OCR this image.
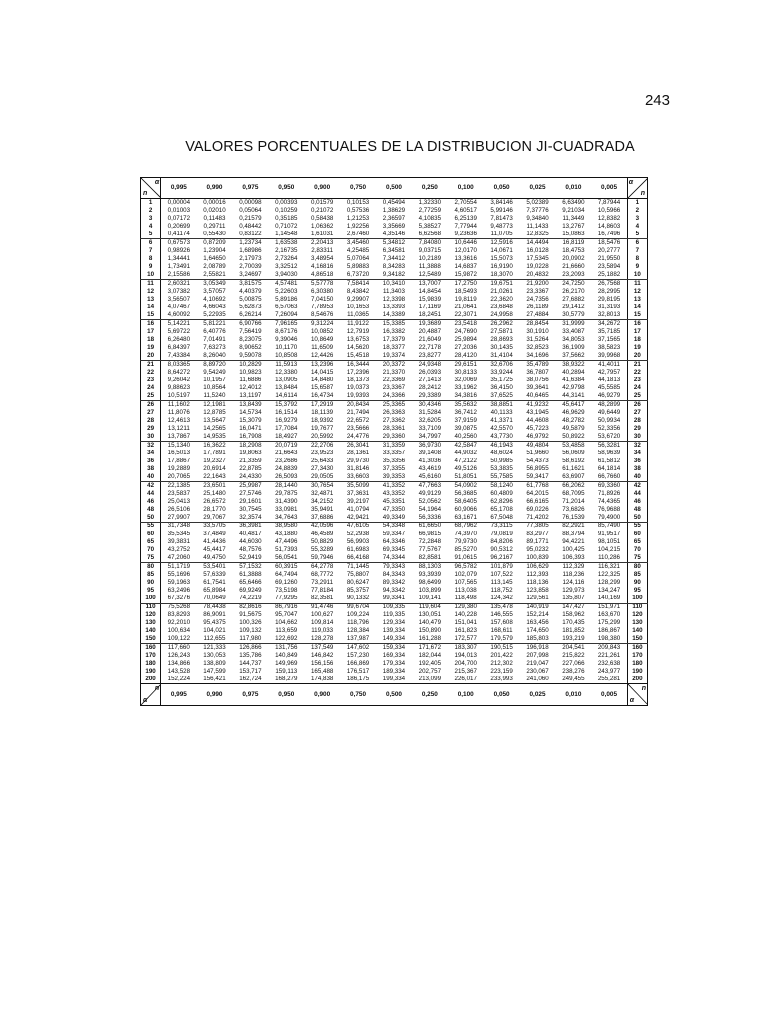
243
VALORES PORCENTUALES DE LA DISTRIBUCION JI-CUADRADA
α
n	0,995	0,990	0,975	0,950	0,900	0,750	0,500	0,250	0,100	0,050	0,025	0,010	0,005	α
n

1	0,00004	0,00016	0,00098	0,00393	0,01579	0,10153	0,45494	1,32330	2,70554	3,84146	5,02389	6,63490	7,87944	1
2	0,01003	0,02010	0,05064	0,10259	0,21072	0,57536	1,38629	2,77259	4,60517	5,99146	7,37776	9,21034	10,5966	2
3	0,07172	0,11483	0,21579	0,35185	0,58438	1,21253	2,36597	4,10835	6,25139	7,81473	9,34840	11,3449	12,8382	3
4	0,20699	0,29711	0,48442	0,71072	1,06362	1,92256	3,35669	5,38527	7,77944	9,48773	11,1433	13,2767	14,8603	4
5	0,41174	0,55430	0,83122	1,14548	1,61031	2,67460	4,35146	6,62568	9,23636	11,0705	12,8325	15,0863	16,7496	5
6	0,67573	0,87209	1,23734	1,63538	2,20413	3,45460	5,34812	7,84080	10,6446	12,5916	14,4494	16,8119	18,5476	6
7	0,98926	1,23904	1,68986	2,16735	2,83311	4,25485	6,34581	9,03715	12,0170	14,0671	16,0128	18,4753	20,2777	7
8	1,34441	1,64650	2,17973	2,73264	3,48954	5,07064	7,34412	10,2189	13,3616	15,5073	17,5345	20,0902	21,9550	8
9	1,73491	2,08789	2,70039	3,32512	4,16816	5,89883	8,34283	11,3888	14,6837	16,9190	19,0228	21,6660	23,5894	9
10	2,15586	2,55821	3,24697	3,94030	4,86518	6,73720	9,34182	12,5489	15,9872	18,3070	20,4832	23,2093	25,1882	10
11	2,60321	3,05349	3,81575	4,57481	5,57778	7,58414	10,3410	13,7007	17,2750	19,6751	21,9200	24,7250	26,7568	11
12	3,07382	3,57057	4,40379	5,22603	6,30380	8,43842	11,3403	14,8454	18,5493	21,0261	23,3367	26,2170	28,2995	12
13	3,56507	4,10692	5,00875	5,89186	7,04150	9,29907	12,3398	15,9839	19,8119	22,3620	24,7356	27,6882	29,8195	13
14	4,07467	4,66043	5,62873	6,57063	7,78953	10,1653	13,3393	17,1169	21,0641	23,6848	26,1189	29,1412	31,3193	14
15	4,60092	5,22935	6,26214	7,26094	8,54676	11,0365	14,3389	18,2451	22,3071	24,9958	27,4884	30,5779	32,8013	15
16	5,14221	5,81221	6,90766	7,96165	9,31224	11,9122	15,3385	19,3689	23,5418	26,2962	28,8454	31,9999	34,2672	16
17	5,69722	6,40776	7,56419	8,67176	10,0852	12,7919	16,3382	20,4887	24,7690	27,5871	30,1910	33,4087	35,7185	17
18	6,26480	7,01491	8,23075	9,39046	10,8649	13,6753	17,3379	21,6049	25,9894	28,8693	31,5264	34,8053	37,1565	18
19	6,84397	7,63273	8,90652	10,1170	11,6509	14,5620	18,3377	22,7178	27,2036	30,1435	32,8523	36,1909	38,5823	19
20	7,43384	8,26040	9,59078	10,8508	12,4426	15,4518	19,3374	23,8277	28,4120	31,4104	34,1696	37,5662	39,9968	20
21	8,03365	8,89720	10,2829	11,5913	13,2396	16,3444	20,3372	24,9348	29,6151	32,6706	35,4789	38,9322	41,4011	21
22	8,64272	9,54249	10,9823	12,3380	14,0415	17,2396	21,3370	26,0393	30,8133	33,9244	36,7807	40,2894	42,7957	22
23	9,26042	10,1957	11,6886	13,0905	14,8480	18,1373	22,3369	27,1413	32,0069	35,1725	38,0756	41,6384	44,1813	23
24	9,88623	10,8564	12,4012	13,8484	15,6587	19,0373	23,3367	28,2412	33,1962	36,4150	39,3641	42,9798	45,5585	24
25	10,5197	11,5240	13,1197	14,6114	16,4734	19,9393	24,3366	29,3389	34,3816	37,6525	40,6465	44,3141	46,9279	25
26	11,1602	12,1981	13,8439	15,3792	17,2919	20,8434	25,3365	30,4346	35,5632	38,8851	41,9232	45,6417	48,2899	26
27	11,8076	12,8785	14,5734	16,1514	18,1139	21,7494	26,3363	31,5284	36,7412	40,1133	43,1945	46,9629	49,6449	27
28	12,4613	13,5647	15,3079	16,9279	18,9392	22,6572	27,3362	32,6205	37,9159	41,3371	44,4608	48,2782	50,9934	28
29	13,1211	14,2565	16,0471	17,7084	19,7677	23,5666	28,3361	33,7109	39,0875	42,5570	45,7223	49,5879	52,3356	29
30	13,7867	14,9535	16,7908	18,4927	20,5992	24,4776	29,3360	34,7997	40,2560	43,7730	46,9792	50,8922	53,6720	30
32	15,1340	16,3622	18,2908	20,0719	22,2706	26,3041	31,3359	36,9730	42,5847	46,1943	49,4804	53,4858	56,3281	32
34	16,5013	17,7891	19,8063	21,6643	23,9523	28,1361	33,3357	39,1408	44,9032	48,6024	51,9660	56,0609	58,9639	34
36	17,8867	19,2327	21,3359	23,2686	25,6433	29,9730	35,3356	41,3036	47,2122	50,9985	54,4373	58,6192	61,5812	36
38	19,2889	20,6914	22,8785	24,8839	27,3430	31,8146	37,3355	43,4619	49,5126	53,3835	56,8955	61,1621	64,1814	38
40	20,7065	22,1643	24,4330	26,5093	29,0505	33,6603	39,3353	45,6160	51,8051	55,7585	59,3417	63,6907	66,7660	40
42	22,1385	23,6501	25,9987	28,1440	30,7654	35,5099	41,3352	47,7663	54,0902	58,1240	61,7768	66,2062	69,3360	42
44	23,5837	25,1480	27,5746	29,7875	32,4871	37,3631	43,3352	49,9129	56,3685	60,4809	64,2015	68,7095	71,8926	44
46	25,0413	26,6572	29,1601	31,4390	34,2152	39,2197	45,3351	52,0562	58,6405	62,8296	66,6165	71,2014	74,4365	46
48	26,5106	28,1770	30,7545	33,0981	35,9491	41,0794	47,3350	54,1964	60,9066	65,1708	69,0226	73,6826	76,9688	48
50	27,9907	29,7067	32,3574	34,7643	37,6886	42,9421	49,3349	56,3336	63,1671	67,5048	71,4202	76,1539	79,4900	50
55	31,7348	33,5705	36,3981	38,9580	42,0596	47,6105	54,3348	61,6650	68,7962	73,3115	77,3805	82,2921	85,7490	55
60	35,5345	37,4849	40,4817	43,1880	46,4589	52,2938	59,3347	66,9815	74,3970	79,0819	83,2977	88,3794	91,9517	60
65	39,3831	41,4436	44,6030	47,4496	50,8829	56,9903	64,3346	72,2848	79,9730	84,8206	89,1771	94,4221	98,1051	65
70	43,2752	45,4417	48,7576	51,7393	55,3289	61,6983	69,3345	77,5767	85,5270	90,5312	95,0232	100,425	104,215	70
75	47,2060	49,4750	52,9419	56,0541	59,7946	66,4168	74,3344	82,8581	91,0615	96,2167	100,839	106,393	110,286	75
80	51,1719	53,5401	57,1532	60,3915	64,2778	71,1445	79,3343	88,1303	96,5782	101,879	106,629	112,329	116,321	80
85	55,1696	57,6339	61,3888	64,7494	68,7772	75,8807	84,3343	93,3939	102,079	107,522	112,393	118,236	122,325	85
90	59,1963	61,7541	65,6466	69,1260	73,2911	80,6247	89,3342	98,6499	107,565	113,145	118,136	124,116	128,299	90
95	63,2496	65,8984	69,9249	73,5198	77,8184	85,3757	94,3342	103,899	113,038	118,752	123,858	129,973	134,247	95
100	67,3276	70,0649	74,2219	77,9295	82,3581	90,1332	99,3341	109,141	118,498	124,342	129,561	135,807	140,169	100
110	75,5268	78,4438	82,8616	86,7916	91,4746	99,6704	109,335	119,604	129,380	135,478	140,919	147,427	151,971	110
120	83,8293	86,9091	91,5675	95,7047	100,627	109,224	119,335	130,051	140,228	146,555	152,214	158,962	163,670	120
130	92,2010	95,4375	100,326	104,662	109,814	118,796	129,334	140,479	151,041	157,608	163,456	170,435	175,299	130
140	100,634	104,021	109,132	113,659	119,033	128,384	139,334	150,890	161,823	168,611	174,650	181,852	186,867	140
150	109,122	112,655	117,980	122,692	128,278	137,987	149,334	161,288	172,577	179,579	185,803	193,219	198,380	150
160	117,660	121,333	126,866	131,756	137,549	147,602	159,334	171,672	183,307	190,515	196,918	204,541	209,843	160
170	126,243	130,053	135,786	140,849	146,842	157,230	169,334	182,044	194,013	201,422	207,998	215,822	221,261	170
180	134,866	138,809	144,737	149,969	156,156	166,869	179,334	192,405	204,700	212,302	219,047	227,066	232,638	180
190	143,528	147,599	153,717	159,113	165,488	176,517	189,334	202,757	215,367	223,159	230,067	238,276	243,977	190
200	152,224	156,421	162,724	168,279	174,838	186,175	199,334	213,099	226,017	233,993	241,060	249,455	255,281	200

n
α	0,995	0,990	0,975	0,950	0,900	0,750	0,500	0,250	0,100	0,050	0,025	0,010	0,005	n
α
